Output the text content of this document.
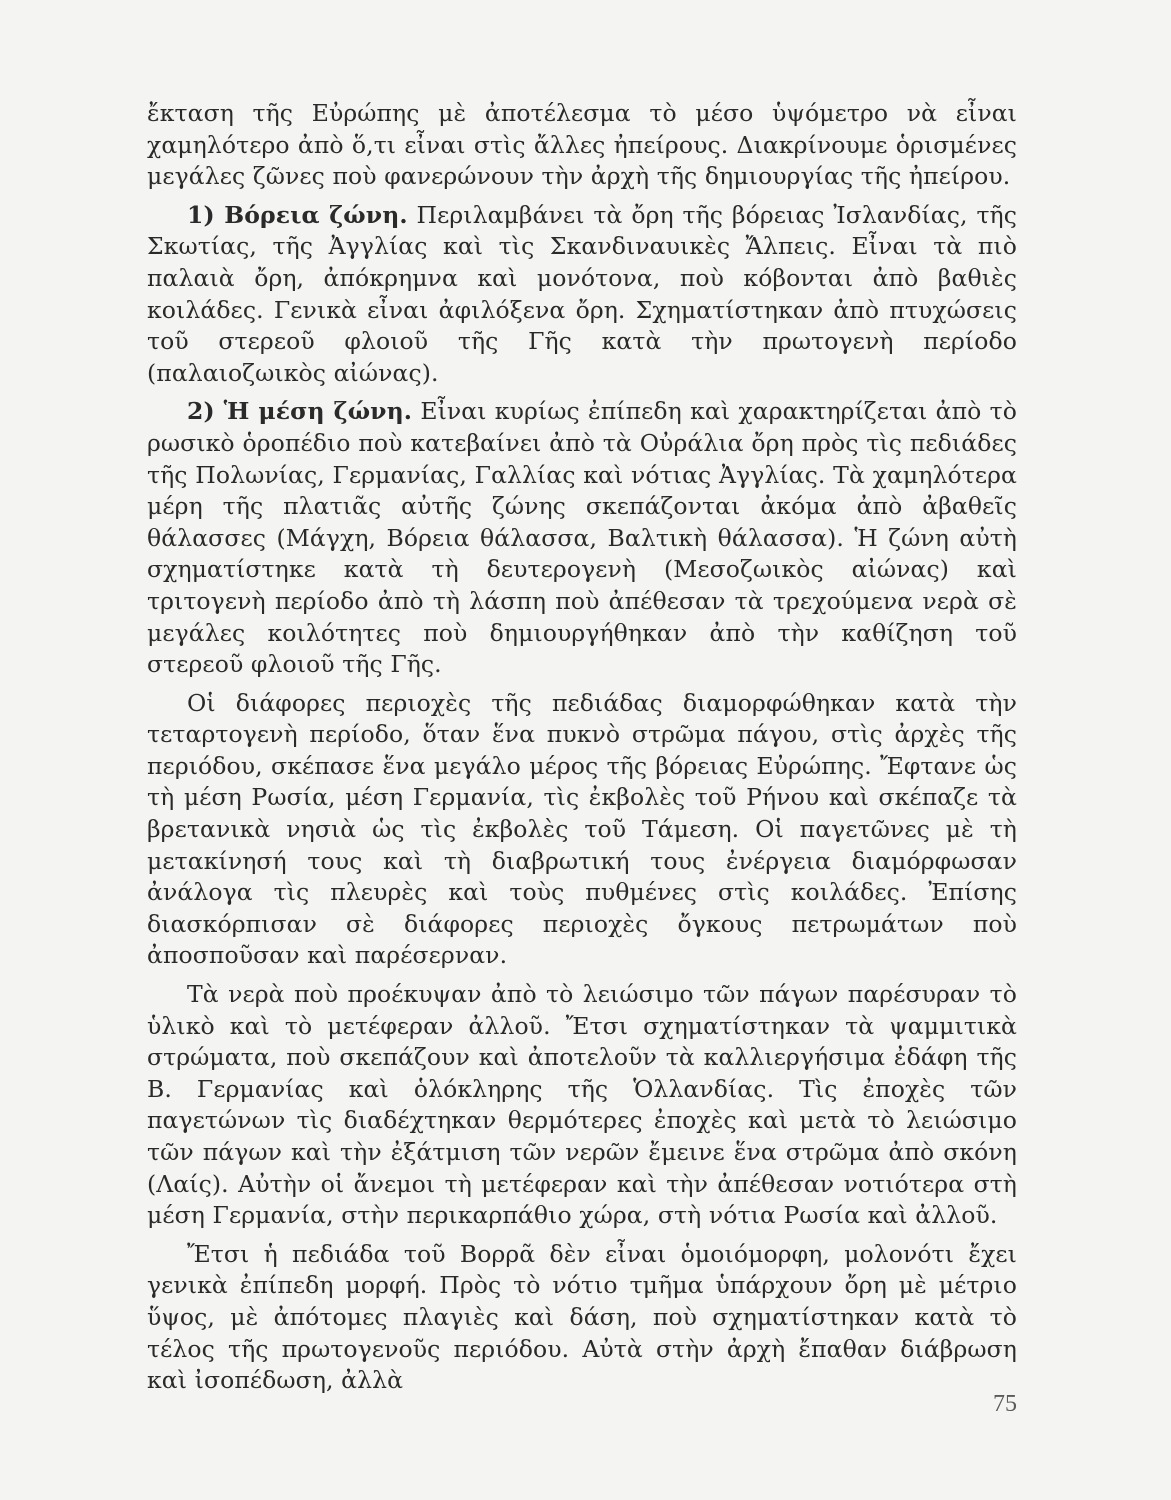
ἔκταση τῆς Εὐρώπης μὲ ἀποτέλεσμα τὸ μέσο ὑψόμετρο νὰ εἶναι χαμηλότερο ἀπὸ ὅ,τι εἶναι στὶς ἄλλες ἠπείρους. Διακρίνουμε ὁρισμένες μεγάλες ζῶνες ποὺ φανερώνουν τὴν ἀρχὴ τῆς δημιουργίας τῆς ἠπείρου.

1) Βόρεια ζώνη. Περιλαμβάνει τὰ ὄρη τῆς βόρειας Ἰσλανδίας, τῆς Σκωτίας, τῆς Ἀγγλίας καὶ τὶς Σκανδιναυικὲς Ἄλπεις. Εἶναι τὰ πιὸ παλαιὰ ὄρη, ἀπόκρημνα καὶ μονότονα, ποὺ κόβονται ἀπὸ βαθιὲς κοιλάδες. Γενικὰ εἶναι ἀφιλόξενα ὄρη. Σχηματίστηκαν ἀπὸ πτυχώσεις τοῦ στερεοῦ φλοιοῦ τῆς Γῆς κατὰ τὴν πρωτογενὴ περίοδο (παλαιοζωικὸς αἰώνας).

2) Ἡ μέση ζώνη. Εἶναι κυρίως ἐπίπεδη καὶ χαρακτηρίζεται ἀπὸ τὸ ρωσικὸ ὁροπέδιο ποὺ κατεβαίνει ἀπὸ τὰ Οὐράλια ὄρη πρὸς τὶς πεδιάδες τῆς Πολωνίας, Γερμανίας, Γαλλίας καὶ νότιας Ἀγγλίας. Τὰ χαμηλότερα μέρη τῆς πλατιᾶς αὐτῆς ζώνης σκεπάζονται ἀκόμα ἀπὸ ἀβαθεῖς θάλασσες (Μάγχη, Βόρεια θάλασσα, Βαλτικὴ θάλασσα). Ἡ ζώνη αὐτὴ σχηματίστηκε κατὰ τὴ δευτερογενὴ (Μεσοζωικὸς αἰώνας) καὶ τριτογενὴ περίοδο ἀπὸ τὴ λάσπη ποὺ ἀπέθεσαν τὰ τρεχούμενα νερὰ σὲ μεγάλες κοιλότητες ποὺ δημιουργήθηκαν ἀπὸ τὴν καθίζηση τοῦ στερεοῦ φλοιοῦ τῆς Γῆς.

Οἱ διάφορες περιοχὲς τῆς πεδιάδας διαμορφώθηκαν κατὰ τὴν τεταρτογενὴ περίοδο, ὅταν ἕνα πυκνὸ στρῶμα πάγου, στὶς ἀρχὲς τῆς περιόδου, σκέπασε ἕνα μεγάλο μέρος τῆς βόρειας Εὐρώπης. Ἔφτανε ὡς τὴ μέση Ρωσία, μέση Γερμανία, τὶς ἐκβολὲς τοῦ Ρήνου καὶ σκέπαζε τὰ βρετανικὰ νησιὰ ὡς τὶς ἐκβολὲς τοῦ Τάμεση. Οἱ παγετῶνες μὲ τὴ μετακίνησή τους καὶ τὴ διαβρωτική τους ἐνέργεια διαμόρφωσαν ἀνάλογα τὶς πλευρὲς καὶ τοὺς πυθμένες στὶς κοιλάδες. Ἐπίσης διασκόρπισαν σὲ διάφορες περιοχὲς ὄγκους πετρωμάτων ποὺ ἀποσποῦσαν καὶ παρέσερναν.

Τὰ νερὰ ποὺ προέκυψαν ἀπὸ τὸ λειώσιμο τῶν πάγων παρέσυραν τὸ ὑλικὸ καὶ τὸ μετέφεραν ἀλλοῦ. Ἔτσι σχηματίστηκαν τὰ ψαμμιτικὰ στρώματα, ποὺ σκεπάζουν καὶ ἀποτελοῦν τὰ καλλιεργήσιμα ἐδάφη τῆς Β. Γερμανίας καὶ ὁλόκληρης τῆς Ὁλλανδίας. Τὶς ἐποχὲς τῶν παγετώνων τὶς διαδέχτηκαν θερμότερες ἐποχὲς καὶ μετὰ τὸ λειώσιμο τῶν πάγων καὶ τὴν ἐξάτμιση τῶν νερῶν ἔμεινε ἕνα στρῶμα ἀπὸ σκόνη (Λαίς). Αὐτὴν οἱ ἄνεμοι τὴ μετέφεραν καὶ τὴν ἀπέθεσαν νοτιότερα στὴ μέση Γερμανία, στὴν περικαρπάθιο χώρα, στὴ νότια Ρωσία καὶ ἀλλοῦ.

Ἔτσι ἡ πεδιάδα τοῦ Βορρᾶ δὲν εἶναι ὁμοιόμορφη, μολονότι ἔχει γενικὰ ἐπίπεδη μορφή. Πρὸς τὸ νότιο τμῆμα ὑπάρχουν ὄρη μὲ μέτριο ὕψος, μὲ ἀπότομες πλαγιὲς καὶ δάση, ποὺ σχηματίστηκαν κατὰ τὸ τέλος τῆς πρωτογενοῦς περιόδου. Αὐτὰ στὴν ἀρχὴ ἔπαθαν διάβρωση καὶ ἰσοπέδωση, ἀλλὰ

75
